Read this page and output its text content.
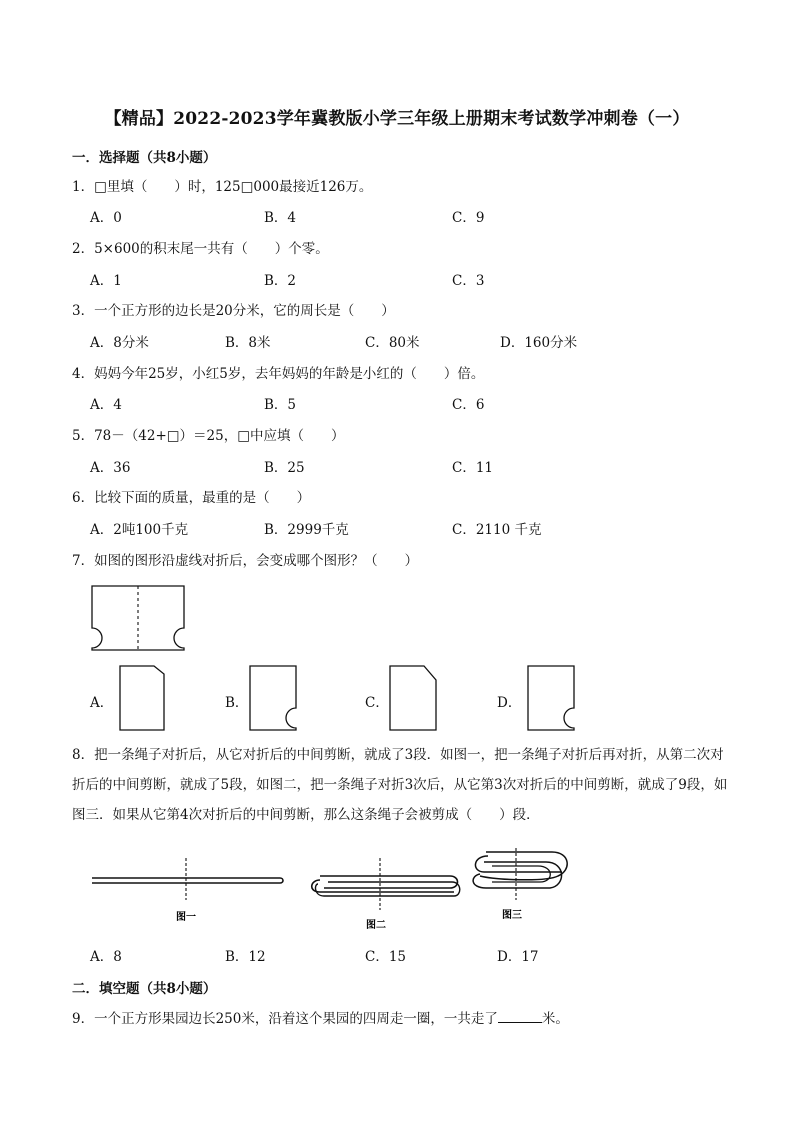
【精品】2022-2023学年冀教版小学三年级上册期末考试数学冲刺卷（一）
一．选择题（共8小题）
1．□里填（　　）时，125□000最接近126万。
A．0	B．4	C．9
2．5×600的积末尾一共有（　　）个零。
A．1	B．2	C．3
3．一个正方形的边长是20分米，它的周长是（　　）
A．8分米	B．8米	C．80米	D．160分米
4．妈妈今年25岁，小红5岁，去年妈妈的年龄是小红的（　　）倍。
A．4	B．5	C．6
5．78－（42+□）＝25，□中应填（　　）
A．36	B．25	C．11
6．比较下面的质量，最重的是（　　）
A．2吨100千克	B．2999千克	C．2110 千克
7．如图的图形沿虚线对折后，会变成哪个图形？（　　）
A．	B．	C．	D．
8．把一条绳子对折后，从它对折后的中间剪断，就成了3段．如图一，把一条绳子对折后再对折，从第二次对折后的中间剪断，就成了5段，如图二，把一条绳子对折3次后，从它第3次对折后的中间剪断，就成了9段，如图三．如果从它第4次对折后的中间剪断，那么这条绳子会被剪成（　　）段．
图一
图二
图三
A．8	B．12	C．15	D．17
二．填空题（共8小题）
9．一个正方形果园边长250米，沿着这个果园的四周走一圈，一共走了	米。
